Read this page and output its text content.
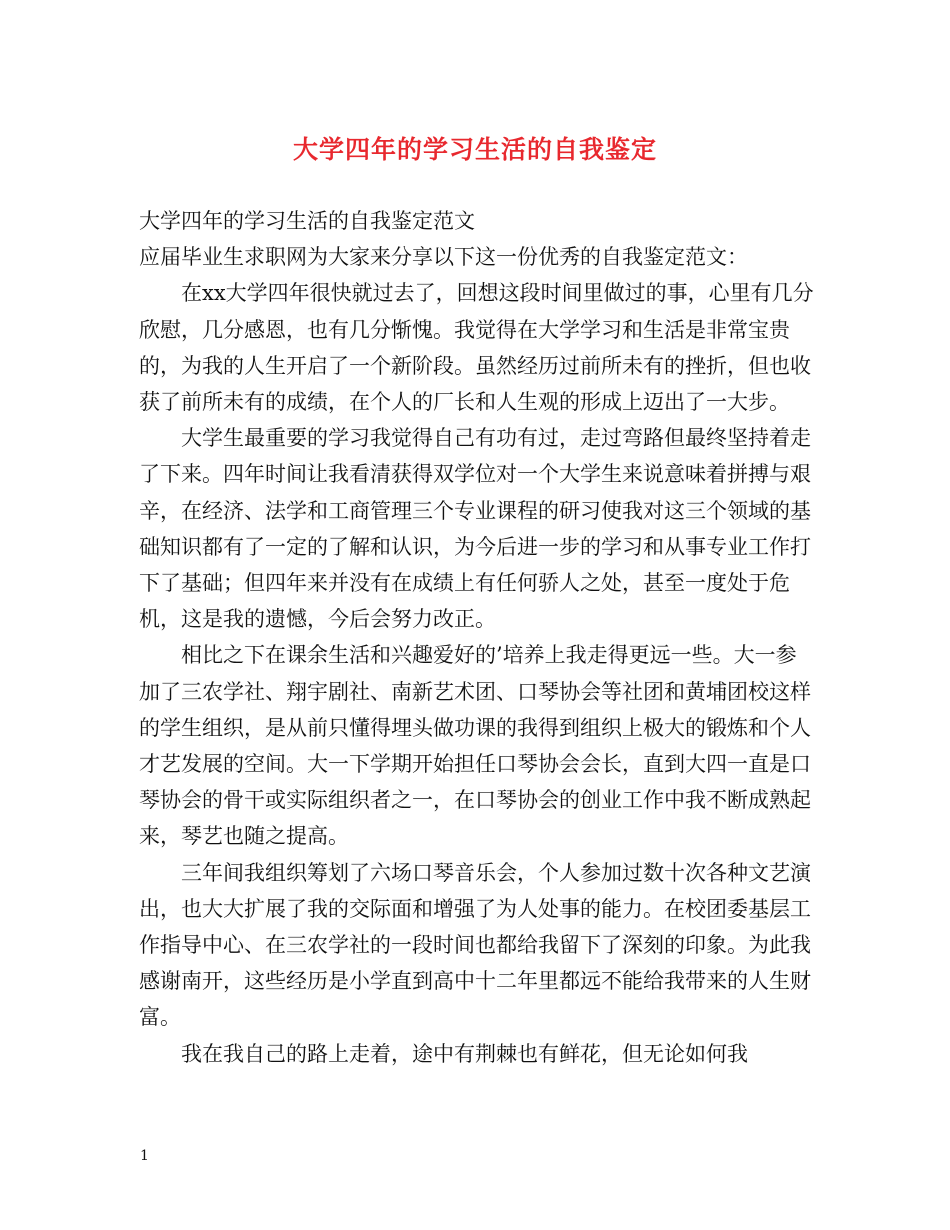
大学四年的学习生活的自我鉴定

大学四年的学习生活的自我鉴定范文

应届毕业生求职网为大家来分享以下这一份优秀的自我鉴定范文：

在xx大学四年很快就过去了，回想这段时间里做过的事，心里有几分欣慰，几分感恩，也有几分惭愧。我觉得在大学学习和生活是非常宝贵的，为我的人生开启了一个新阶段。虽然经历过前所未有的挫折，但也收获了前所未有的成绩，在个人的厂长和人生观的形成上迈出了一大步。

大学生最重要的学习我觉得自己有功有过，走过弯路但最终坚持着走了下来。四年时间让我看清获得双学位对一个大学生来说意味着拼搏与艰辛，在经济、法学和工商管理三个专业课程的研习使我对这三个领域的基础知识都有了一定的了解和认识，为今后进一步的学习和从事专业工作打下了基础；但四年来并没有在成绩上有任何骄人之处，甚至一度处于危机，这是我的遗憾，今后会努力改正。

相比之下在课余生活和兴趣爱好的’培养上我走得更远一些。大一参加了三农学社、翔宇剧社、南新艺术团、口琴协会等社团和黄埔团校这样的学生组织，是从前只懂得埋头做功课的我得到组织上极大的锻炼和个人才艺发展的空间。大一下学期开始担任口琴协会会长，直到大四一直是口琴协会的骨干或实际组织者之一，在口琴协会的创业工作中我不断成熟起来，琴艺也随之提高。

三年间我组织筹划了六场口琴音乐会，个人参加过数十次各种文艺演出，也大大扩展了我的交际面和增强了为人处事的能力。在校团委基层工作指导中心、在三农学社的一段时间也都给我留下了深刻的印象。为此我感谢南开，这些经历是小学直到高中十二年里都远不能给我带来的人生财富。

我在我自己的路上走着，途中有荆棘也有鲜花，但无论如何我

1
